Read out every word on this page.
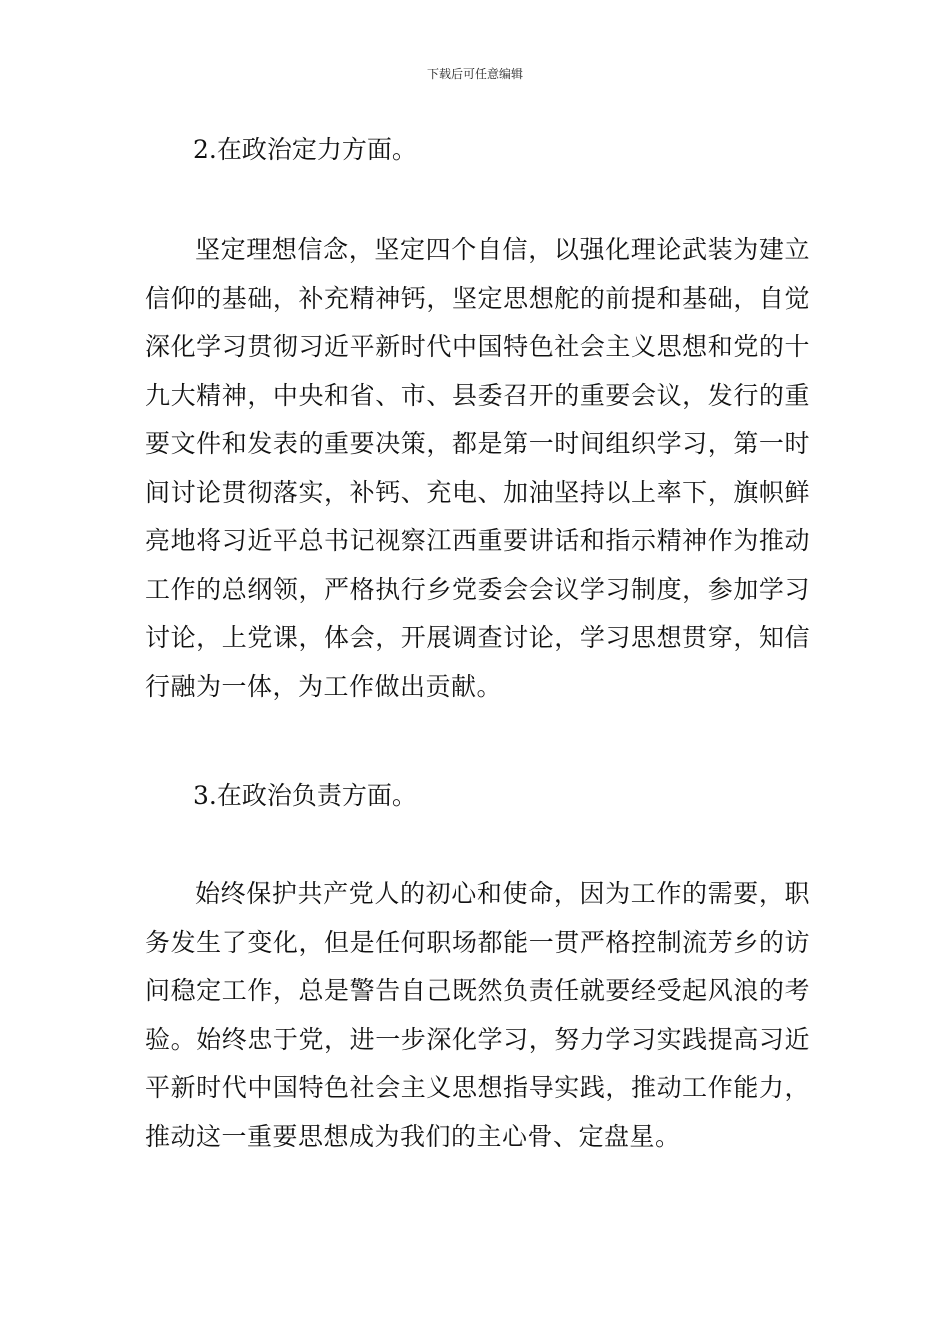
下载后可任意编辑
2.在政治定力方面。
坚定理想信念，坚定四个自信，以强化理论武装为建立信仰的基础，补充精神钙，坚定思想舵的前提和基础，自觉深化学习贯彻习近平新时代中国特色社会主义思想和党的十九大精神，中央和省、市、县委召开的重要会议，发行的重要文件和发表的重要决策，都是第一时间组织学习，第一时间讨论贯彻落实，补钙、充电、加油坚持以上率下，旗帜鲜亮地将习近平总书记视察江西重要讲话和指示精神作为推动工作的总纲领，严格执行乡党委会会议学习制度，参加学习讨论，上党课，体会，开展调查讨论，学习思想贯穿，知信行融为一体，为工作做出贡献。
3.在政治负责方面。
始终保护共产党人的初心和使命，因为工作的需要，职务发生了变化，但是任何职场都能一贯严格控制流芳乡的访问稳定工作，总是警告自己既然负责任就要经受起风浪的考验。始终忠于党，进一步深化学习，努力学习实践提高习近平新时代中国特色社会主义思想指导实践，推动工作能力，推动这一重要思想成为我们的主心骨、定盘星。
